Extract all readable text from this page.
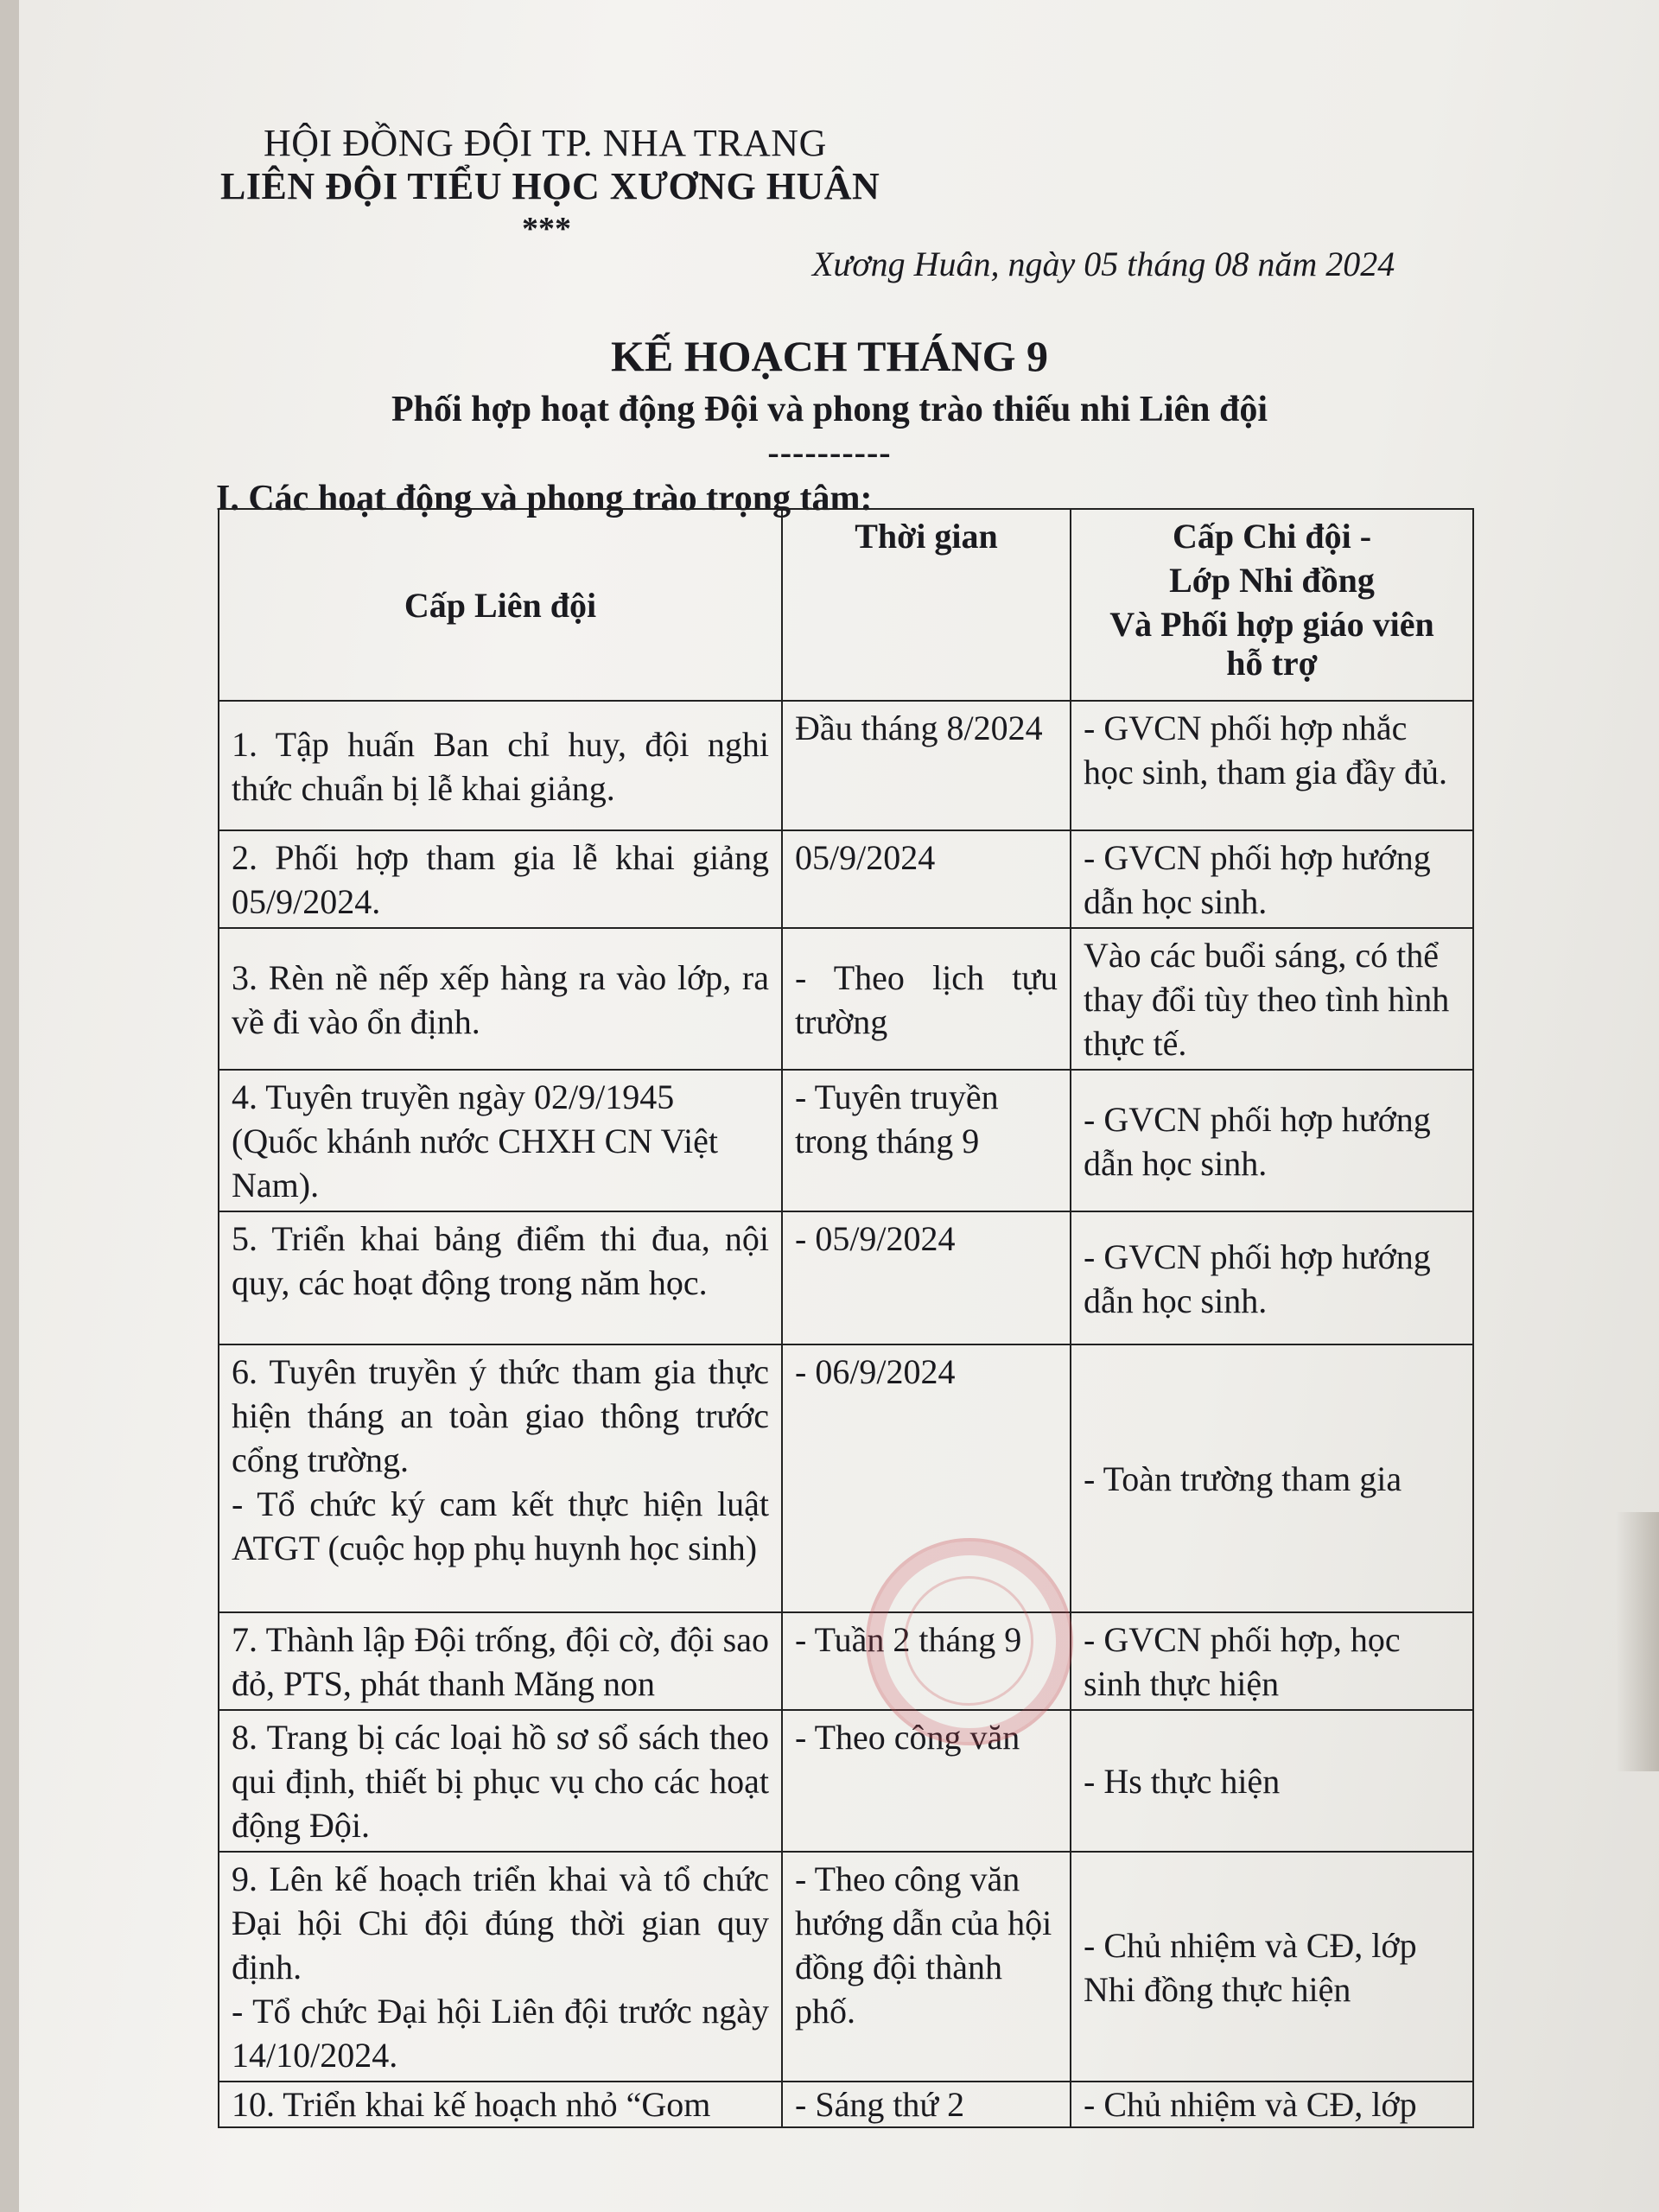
HỘI ĐỒNG ĐỘI TP. NHA TRANG
LIÊN ĐỘI TIỂU HỌC XƯƠNG HUÂN
***
Xương Huân, ngày 05 tháng 08 năm 2024
KẾ HOẠCH THÁNG 9
Phối hợp hoạt động Đội và phong trào thiếu nhi Liên đội
----------
I. Các hoạt động và phong trào trọng tâm:
Cấp Liên đội	Thời gian	Cấp Chi đội -
Lớp Nhi đồng
Và Phối hợp giáo viên
hỗ trợ

1. Tập huấn Ban chỉ huy, đội nghi thức chuẩn bị lễ khai giảng.	Đầu tháng 8/2024	- GVCN phối hợp nhắc học sinh, tham gia đầy đủ.
2. Phối hợp tham gia lễ khai giảng 05/9/2024.	05/9/2024	- GVCN phối hợp hướng dẫn học sinh.
3. Rèn nề nếp xếp hàng ra vào lớp, ra về đi vào ổn định.	- Theo lịch tựu trường	Vào các buổi sáng, có thể thay đổi tùy theo tình hình thực tế.
4. Tuyên truyền ngày 02/9/1945 (Quốc khánh nước CHXH CN Việt Nam).	- Tuyên truyền trong tháng 9	- GVCN phối hợp hướng dẫn học sinh.
5. Triển khai bảng điểm thi đua, nội quy, các hoạt động trong năm học.	- 05/9/2024	- GVCN phối hợp hướng dẫn học sinh.

6. Tuyên truyền ý thức tham gia thực hiện tháng an toàn giao thông trước cổng trường.
- Tổ chức ký cam kết thực hiện luật ATGT (cuộc họp phụ huynh học sinh)	- 06/9/2024	- Toàn trường tham gia
7. Thành lập Đội trống, đội cờ, đội sao đỏ, PTS, phát thanh Măng non	- Tuần 2 tháng 9	- GVCN phối hợp, học sinh thực hiện
8. Trang bị các loại hồ sơ sổ sách theo qui định, thiết bị phục vụ cho các hoạt động Đội.	- Theo công văn	- Hs thực hiện

9. Lên kế hoạch triển khai và tổ chức Đại hội Chi đội đúng thời gian quy định.
- Tổ chức Đại hội Liên đội trước ngày 14/10/2024.	- Theo công văn hướng dẫn của hội đồng đội thành phố.	- Chủ nhiệm và CĐ, lớp Nhi đồng thực hiện
10. Triển khai kế hoạch nhỏ “Gom	- Sáng thứ 2	- Chủ nhiệm và CĐ, lớp
